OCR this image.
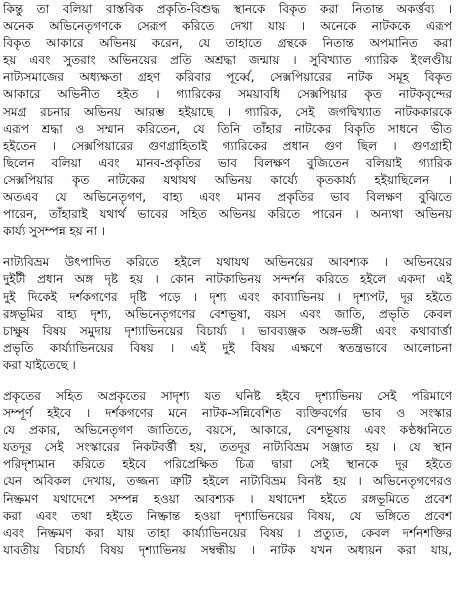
কিন্তু তা বলিয়া বাস্তবিক প্রকৃতি-বিশুদ্ধ স্থানকে বিকৃত করা নিতান্ত অকর্ত্তব্য ।
অনেক অভিনেতৃগণকে সেরূপ করিতে দেখা যায় । অনেকে নাটককে এরূপ
বিকৃত আকারে অভিনয় করেন, যে তাহাতে গ্রন্থকে নিতান্ত অপমানিত করা
হয় এবং সুতরাং অভিনয়ের প্রতি অশ্রদ্ধা জন্মায় । সুবিখ্যাত গ্যারিক ইংলণ্ডীয়
নাট্যসমাজের অধ্যক্ষতা গ্রহণ করিবার পূর্ব্বে, সেক্সপিয়ারের নাটক সমূহ বিকৃত
আকারে অভিনীত হইত । গ্যারিকের সময়াবধি সেক্সপিয়ার কৃত নাটকবৃন্দের
সমগ্র রচনার অভিনয় আরম্ভ হইয়াছে । গ্যারিক, সেই জগদ্বিখ্যাত নাটককারকে
এরূপ শ্রদ্ধা ও সম্মান করিতেন, যে তিনি তাঁহার নাটকের বিকৃতি সাধনে ভীত
হইতেন । সেক্সপিয়ারের গুণগ্রাহিতাই গ্যারিকের প্রধান গুণ ছিল । গুণগ্রাহী
ছিলেন বলিয়া এবং মানব-প্রকৃতির ভাব বিলক্ষণ বুজিতেন বলিয়াই গ্যারিক
সেক্সপিয়ার কৃত নাটকের যথাযথ অভিনয় কার্য্যে কৃতকার্য্য হইয়াছিলেন ।
অতএব যে অভিনেতৃগণ, বাহ্য এবং মানব প্রকৃতির ভাব বিলক্ষণ বুঝিতে
পারেন, তাঁহারাই যথার্থ ভাবের সহিত অভিনয় করিতে পারেন । অন্যথা অভিনয়
কার্য্য সুসম্পন্ন হয় না ।
নাট্যবিভ্রম উৎপাদিত করিতে হইলে যথাযথ অভিনয়ের আবশ্যক । অভিনয়ের
দুইটী প্রধান অঙ্গ দৃষ্ট হয় । কোন নাটকাভিনয় সন্দর্শন করিতে হইলে একদা এই
দুই দিকেই দর্শকগণের দৃষ্টি পড়ে । দৃশ্য এবং কাব্যাভিনয় । দৃশ্যপট, দূর হইতে
রঙ্গভূমির বাহ্য দৃশ্য, অভিনেতৃগণের বেশভূষা, বয়স এবং জাতি, প্রভৃতি কেবল
চাক্ষুষ বিষয় সমুদায় দৃশ্যাভিনয়ের বিচার্য্য । ভাবব্যঞ্জক অঙ্গ-ভঙ্গী এবং কথাবার্ত্তা
প্রভৃতি কার্য্যাভিনয়ের বিষয় । এই দুই বিষয় এক্ষণে স্বতন্ত্রভাবে আলোচনা
করা যাইতেছে ।
প্রকৃতের সহিত অপ্রকৃতের সাদৃশ্য যত ঘনিষ্ট হইবে দৃশ্যাভিনয় সেই পরিমাণে
সম্পূর্ণ হইবে । দর্শকগণের মনে নাটক-সন্নিবেশিত ব্যক্তিবর্গের ভাব ও সংস্কার
যে প্রকার, অভিনেতৃগণ জাতিতে, বয়সে, আকারে, বেশভূষায় এবং কণ্ঠধ্বনিতে
যতদূর সেই সংস্কারের নিকটবর্ত্তী হয়, ততদূর নাট্যবিভ্রম সঞ্জাত হয় । যে স্থান
পরিদৃশ্যমান করিতে হইবে পরিপ্রেক্ষিত চিত্র দ্বারা সেই স্থানকে দূর হইতে
যেন অবিকল দেখায়, তজ্জন্য ত্রুটি হইলে নাট্যবিভ্রম বিনষ্ট হয় । অভিনেতৃগণেরও
নিষ্ক্রমণ যথাদেশে সম্পন্ন হওয়া আবশ্যক । যথাদেশ হইতে রঙ্গভূমিতে প্রবেশ
করা এবং তথা হইতে নিষ্ক্রান্ত হওয়া দৃশ্যাভিনয়ের বিষয়, যে ভঙ্গিতে প্রবেশ
এবং নিষ্ক্রমণ করা যায় তাহা কার্য্যাভিনয়ের বিষয় । প্রত্যুত, কেবল দর্শনশক্তির
যাবতীয় বিচার্য্য বিষয় দৃশ্যাভিনয় সম্বন্ধীয় । নাটক যখন অধ্যয়ন করা যায়,
